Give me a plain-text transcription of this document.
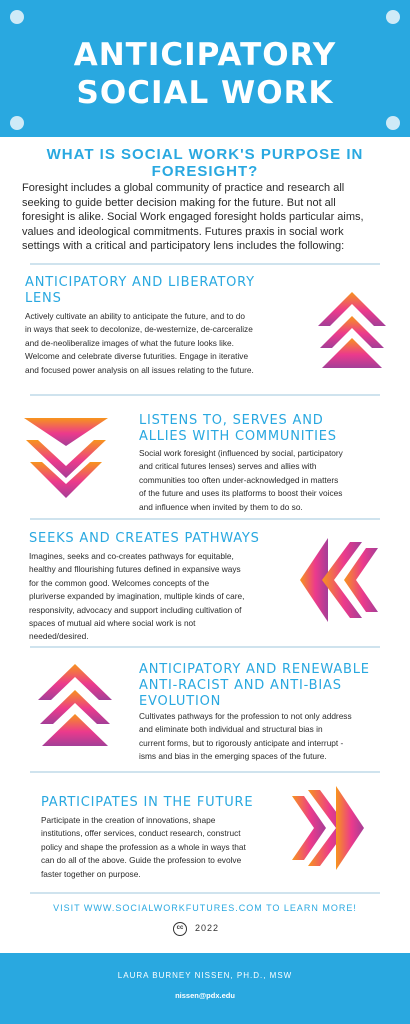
ANTICIPATORY
SOCIAL WORK
WHAT IS SOCIAL WORK'S PURPOSE IN
FORESIGHT?
Foresight includes a global community of practice and research all
seeking to guide better decision making for the future. But not all
foresight is alike. Social Work engaged foresight holds particular aims,
values and ideological commitments. Futures praxis in social work
settings with a critical and participatory lens includes the following:
ANTICIPATORY AND LIBERATORY
LENS
Actively cultivate an ability to anticipate the future, and to do
in ways that seek to decolonize, de-westernize, de-carceralize
and de-neoliberalize images of what the future looks like.
Welcome and celebrate diverse futurities. Engage in iterative
and focused power analysis on all issues relating to the future.
LISTENS TO, SERVES AND
ALLIES WITH COMMUNITIES
Social work foresight (influenced by social, participatory
and critical futures lenses) serves and allies with
communities too often under-acknowledged in matters
of the future and uses its platforms to boost their voices
and influence when invited by them to do so.
SEEKS AND CREATES PATHWAYS
Imagines, seeks and co-creates pathways for equitable,
healthy and fllourishing futures defined in expansive ways
for the common good. Welcomes concepts of the
pluriverse expanded by imagination, multiple kinds of care,
responsivity, advocacy and support including cultivation of
spaces of mutual aid where social work is not
needed/desired.
ANTICIPATORY AND RENEWABLE
ANTI-RACIST AND ANTI-BIAS
EVOLUTION
Cultivates pathways for the profession to not only address
and eliminate both individual and structural bias in
current forms, but to rigorously anticipate and interrupt -
isms and bias in the emerging spaces of the future.
PARTICIPATES IN THE FUTURE
Participate in the creation of innovations, shape
institutions, offer services, conduct research, construct
policy and shape the profession as a whole in ways that
can do all of the above. Guide the profession to evolve
faster together on purpose.
VISIT WWW.SOCIALWORKFUTURES.COM TO LEARN MORE!
cc	2022
LAURA BURNEY NISSEN, PH.D., MSW
nissen@pdx.edu
